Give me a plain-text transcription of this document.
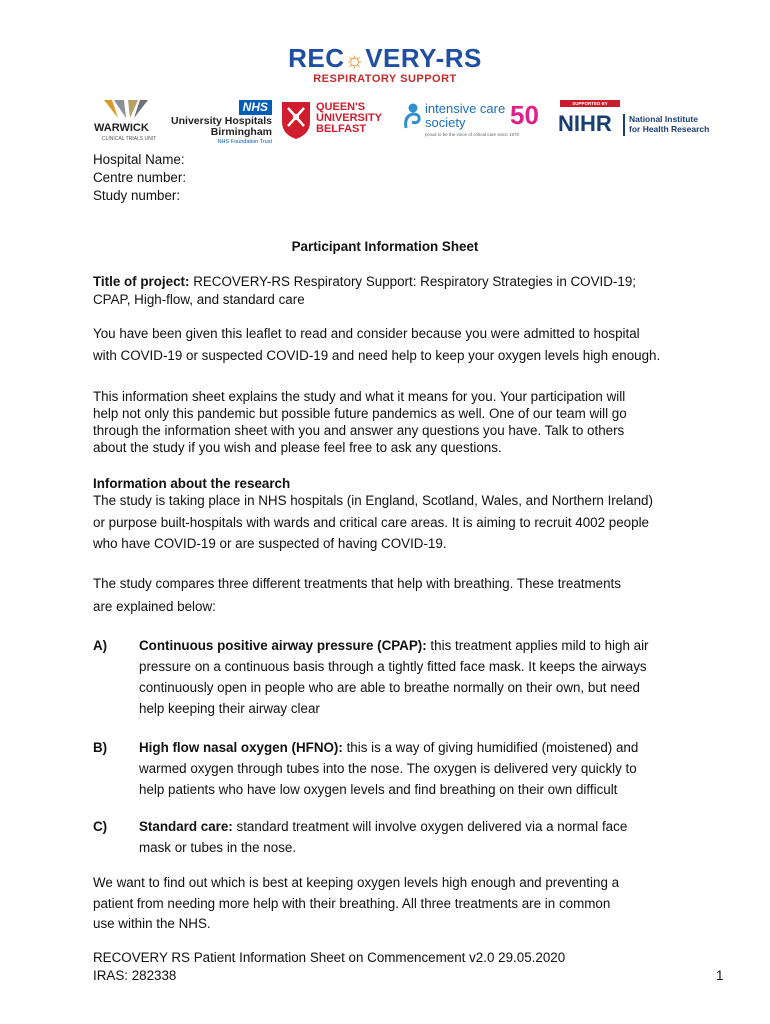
REC☼VERY-RS
RESPIRATORY SUPPORT
WARWICK
CLINICAL TRIALS UNIT
NHS
University Hospitals
Birmingham
NHS Foundation Trust
QUEEN'S
UNIVERSITY
BELFAST
intensive care
society
proud to be the voice of critical care since 1970
50	SUPPORTED BY
NIHR National Institute
for Health Research
Hospital Name:
Centre number:
Study number:
Participant Information Sheet
Title of project: RECOVERY-RS Respiratory Support: Respiratory Strategies in COVID-19;
CPAP, High-flow, and standard care
You have been given this leaflet to read and consider because you were admitted to hospital
with COVID-19 or suspected COVID-19 and need help to keep your oxygen levels high enough.
This information sheet explains the study and what it means for you. Your participation will
help not only this pandemic but possible future pandemics as well. One of our team will go
through the information sheet with you and answer any questions you have. Talk to others
about the study if you wish and please feel free to ask any questions.
Information about the research
The study is taking place in NHS hospitals (in England, Scotland, Wales, and Northern Ireland)
or purpose built-hospitals with wards and critical care areas. It is aiming to recruit 4002 people
who have COVID-19 or are suspected of having COVID-19.
The study compares three different treatments that help with breathing. These treatments
are explained below:
A) Continuous positive airway pressure (CPAP): this treatment applies mild to high air
pressure on a continuous basis through a tightly fitted face mask. It keeps the airways
continuously open in people who are able to breathe normally on their own, but need
help keeping their airway clear
B) High flow nasal oxygen (HFNO): this is a way of giving humidified (moistened) and
warmed oxygen through tubes into the nose. The oxygen is delivered very quickly to
help patients who have low oxygen levels and find breathing on their own difficult
C) Standard care: standard treatment will involve oxygen delivered via a normal face
mask or tubes in the nose.
We want to find out which is best at keeping oxygen levels high enough and preventing a
patient from needing more help with their breathing. All three treatments are in common
use within the NHS.
RECOVERY RS Patient Information Sheet on Commencement v2.0 29.05.2020
IRAS: 282338	1
